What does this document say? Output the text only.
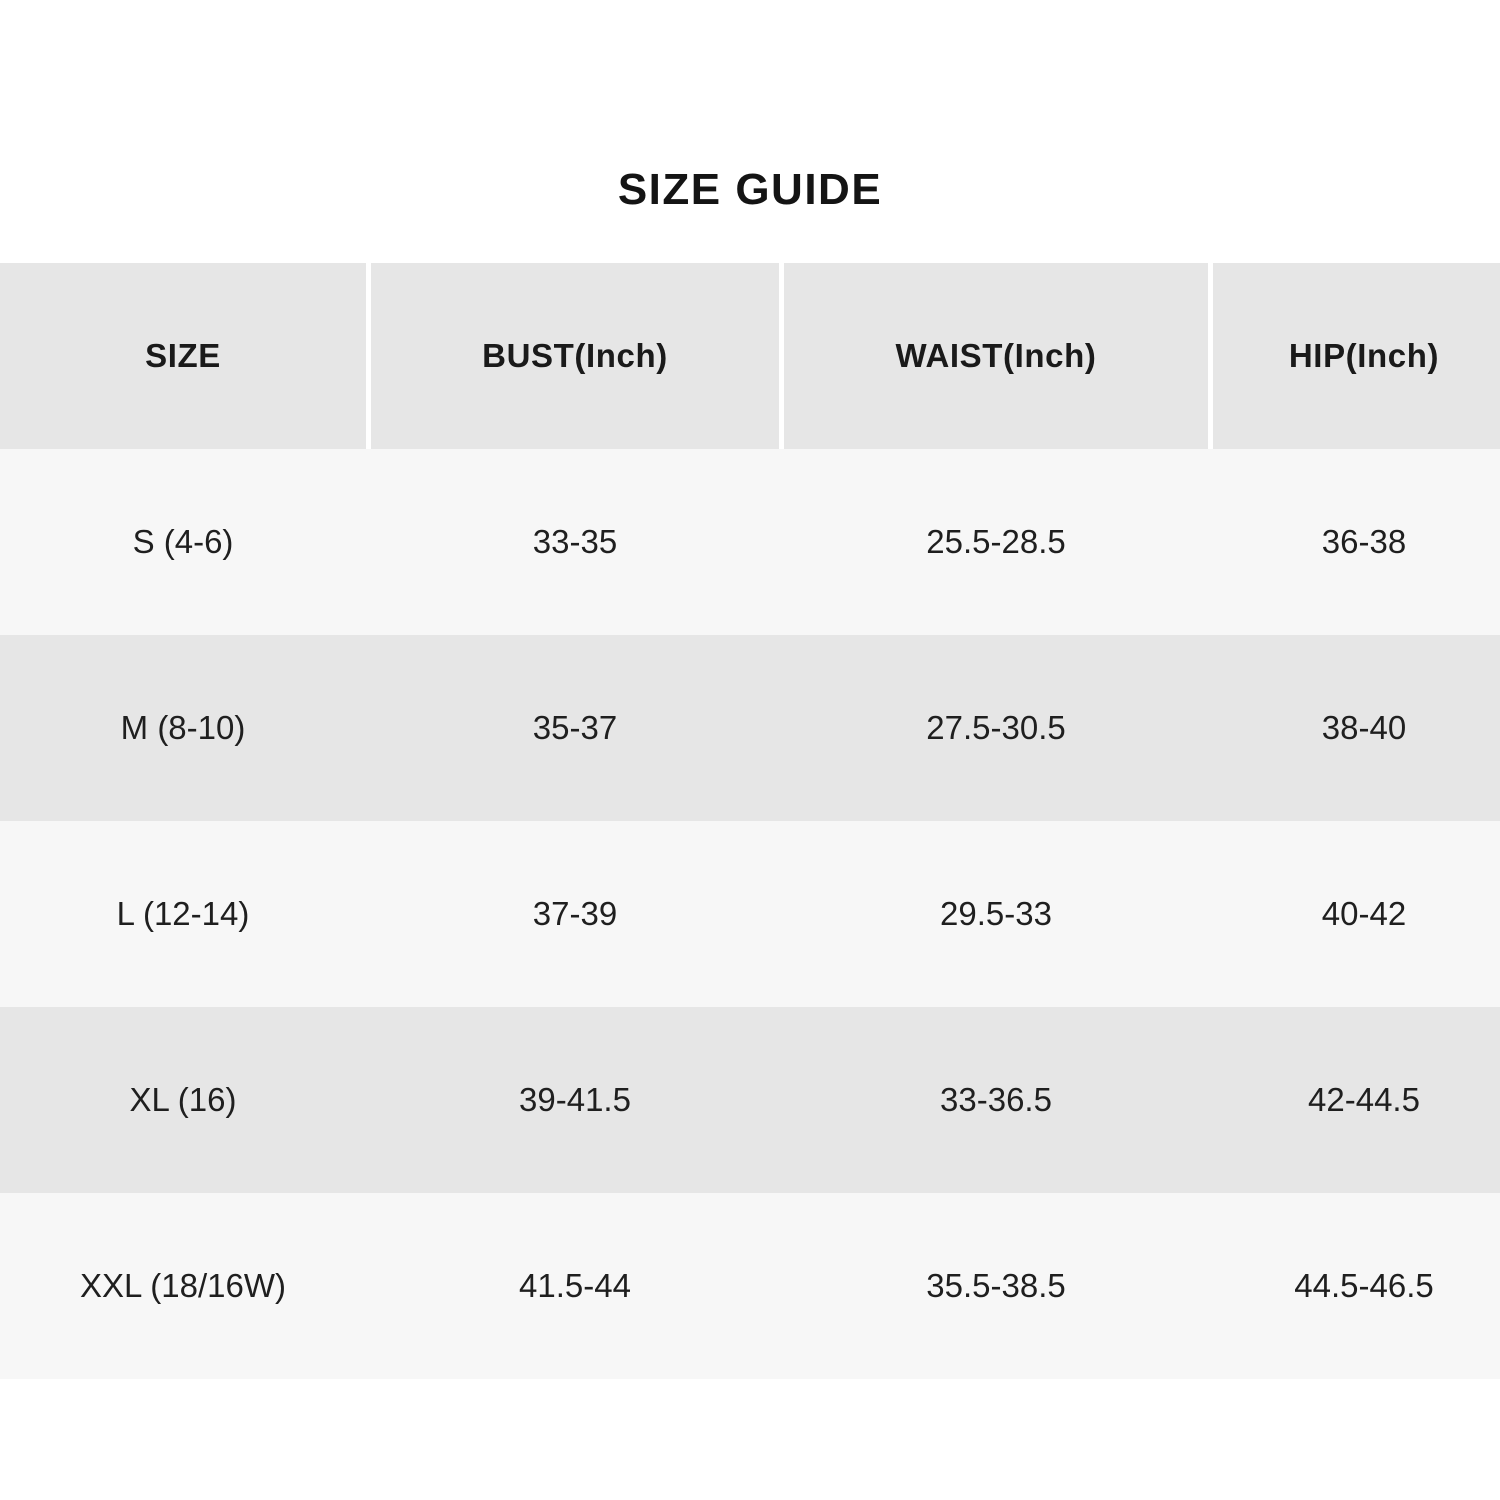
SIZE GUIDE
SIZE		BUST(Inch)		WAIST(Inch)		HIP(Inch)
S (4-6)		33-35		25.5-28.5		36-38
M (8-10)		35-37		27.5-30.5		38-40
L (12-14)		37-39		29.5-33		40-42
XL (16)		39-41.5		33-36.5		42-44.5
XXL (18/16W)		41.5-44		35.5-38.5		44.5-46.5
